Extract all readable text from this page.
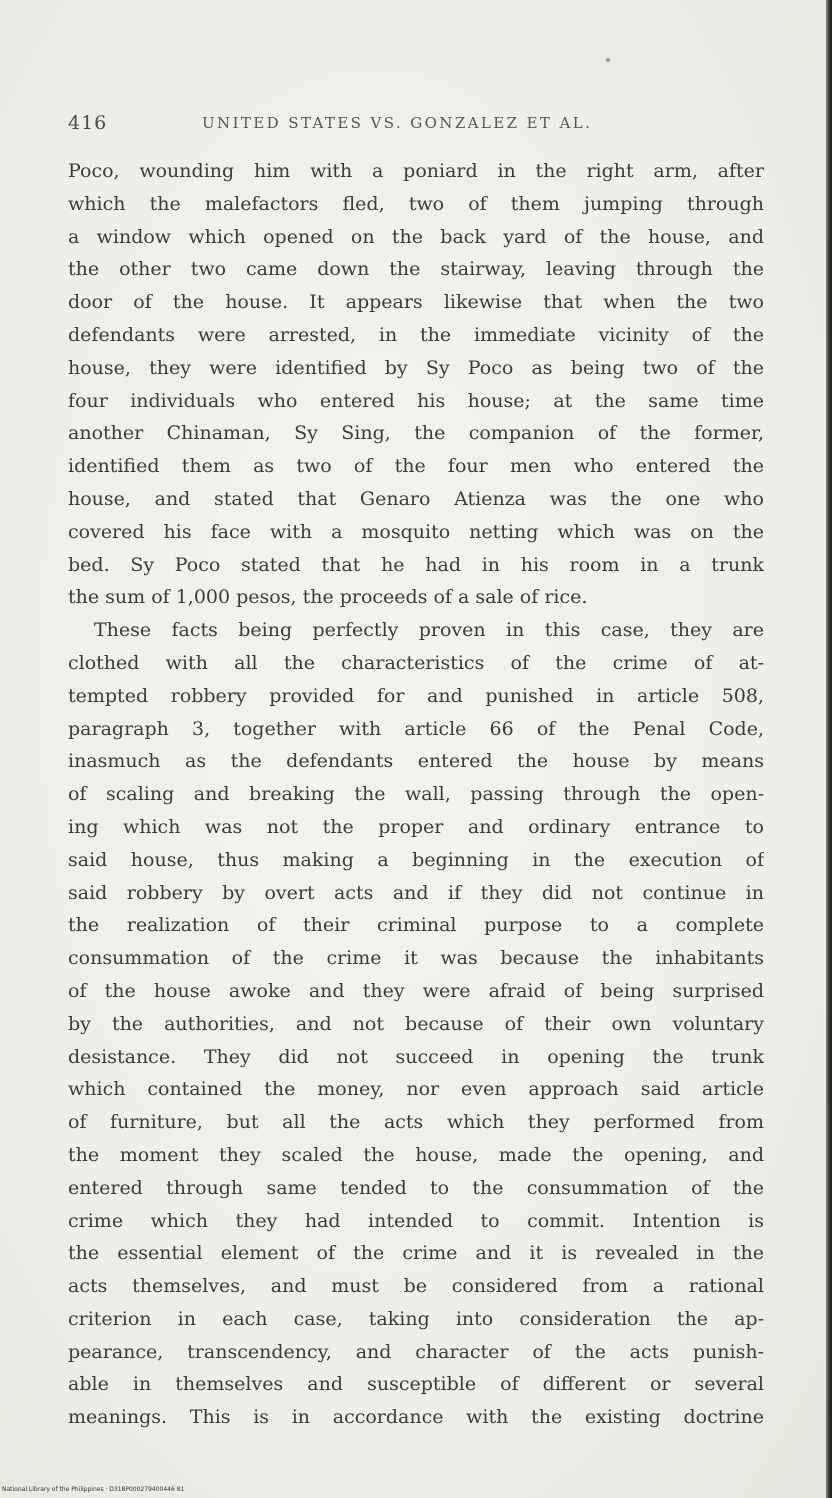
416	UNITED STATES VS. GONZALEZ ET AL.
Poco, wounding him with a poniard in the right arm, after
which the malefactors fled, two of them jumping through
a window which opened on the back yard of the house, and
the other two came down the stairway, leaving through the
door of the house. It appears likewise that when the two
defendants were arrested, in the immediate vicinity of the
house, they were identified by Sy Poco as being two of the
four individuals who entered his house; at the same time
another Chinaman, Sy Sing, the companion of the former,
identified them as two of the four men who entered the
house, and stated that Genaro Atienza was the one who
covered his face with a mosquito netting which was on the
bed. Sy Poco stated that he had in his room in a trunk
the sum of 1,000 pesos, the proceeds of a sale of rice.
These facts being perfectly proven in this case, they are
clothed with all the characteristics of the crime of at-
tempted robbery provided for and punished in article 508,
paragraph 3, together with article 66 of the Penal Code,
inasmuch as the defendants entered the house by means
of scaling and breaking the wall, passing through the open-
ing which was not the proper and ordinary entrance to
said house, thus making a beginning in the execution of
said robbery by overt acts and if they did not continue in
the realization of their criminal purpose to a complete
consummation of the crime it was because the inhabitants
of the house awoke and they were afraid of being surprised
by the authorities, and not because of their own voluntary
desistance. They did not succeed in opening the trunk
which contained the money, nor even approach said article
of furniture, but all the acts which they performed from
the moment they scaled the house, made the opening, and
entered through same tended to the consummation of the
crime which they had intended to commit. Intention is
the essential element of the crime and it is revealed in the
acts themselves, and must be considered from a rational
criterion in each case, taking into consideration the ap-
pearance, transcendency, and character of the acts punish-
able in themselves and susceptible of different or several
meanings. This is in accordance with the existing doctrine
National Library of the Philippines · D318P000279400446 81
